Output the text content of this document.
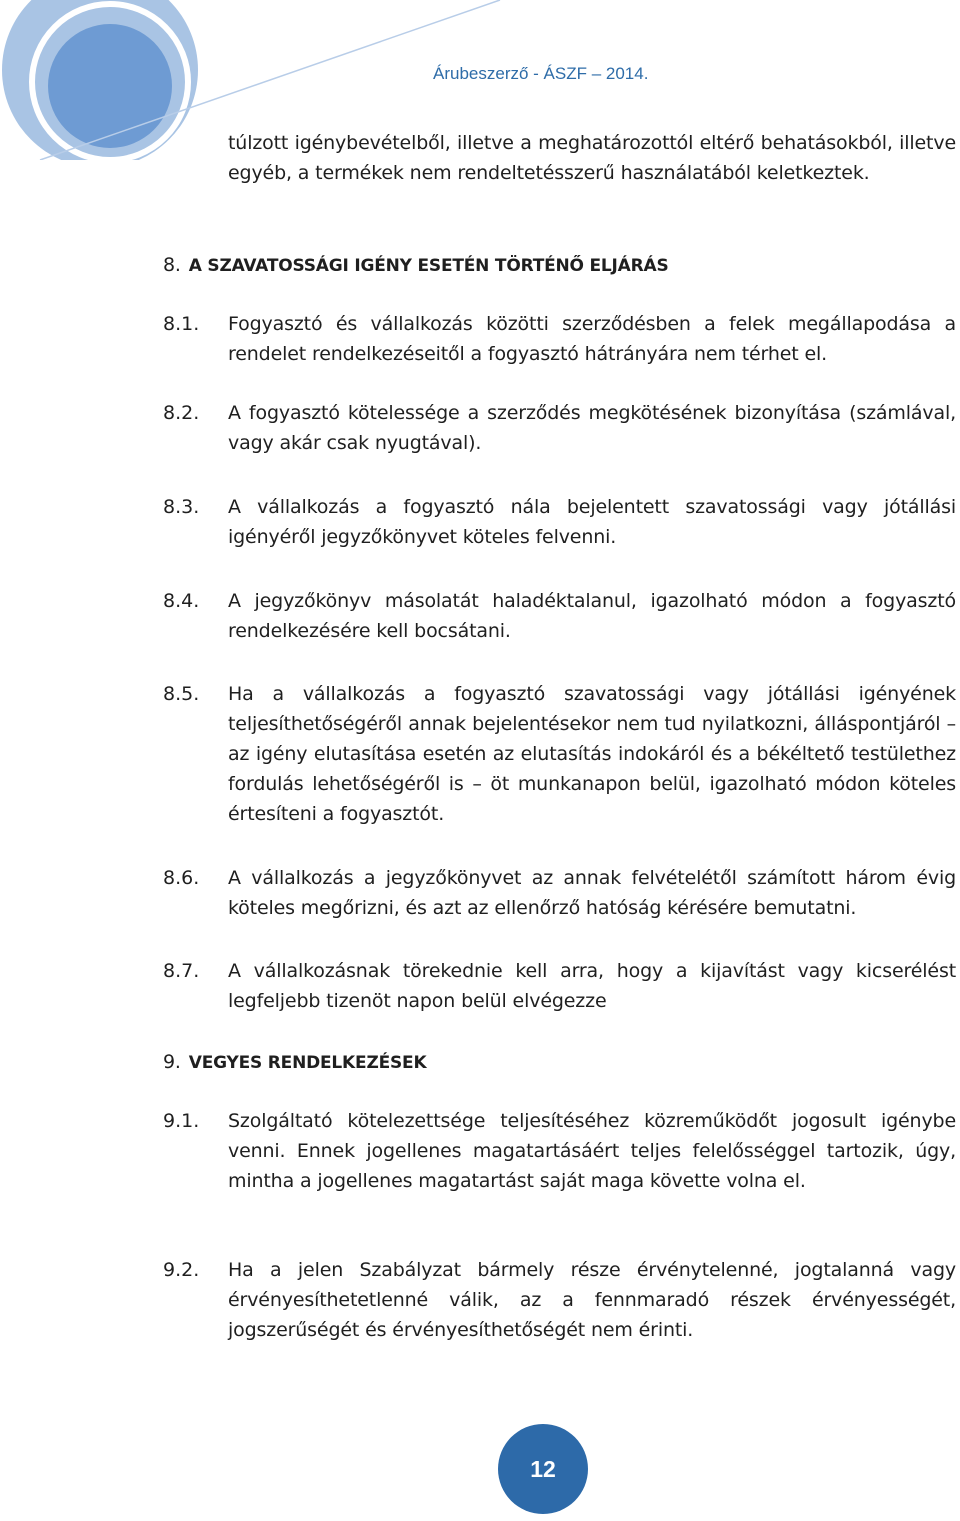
Árubeszerző - ÁSZF – 2014.
túlzott igénybevételből, illetve a meghatározottól eltérő behatásokból, illetve egyéb, a termékek nem rendeltetésszerű használatából keletkeztek.
8. A SZAVATOSSÁGI IGÉNY ESETÉN TÖRTÉNŐ ELJÁRÁS
8.1. Fogyasztó és vállalkozás közötti szerződésben a felek megállapodása a rendelet rendelkezéseitől a fogyasztó hátrányára nem térhet el.
8.2. A fogyasztó kötelessége a szerződés megkötésének bizonyítása (számlával, vagy akár csak nyugtával).
8.3. A vállalkozás a fogyasztó nála bejelentett szavatossági vagy jótállási igényéről jegyzőkönyvet köteles felvenni.
8.4. A jegyzőkönyv másolatát haladéktalanul, igazolható módon a fogyasztó rendelkezésére kell bocsátani.
8.5. Ha a vállalkozás a fogyasztó szavatossági vagy jótállási igényének teljesíthetőségéről annak bejelentésekor nem tud nyilatkozni, álláspontjáról – az igény elutasítása esetén az elutasítás indokáról és a békéltető testülethez fordulás lehetőségéről is – öt munkanapon belül, igazolható módon köteles értesíteni a fogyasztót.
8.6. A vállalkozás a jegyzőkönyvet az annak felvételétől számított három évig köteles megőrizni, és azt az ellenőrző hatóság kérésére bemutatni.
8.7. A vállalkozásnak törekednie kell arra, hogy a kijavítást vagy kicserélést legfeljebb tizenöt napon belül elvégezze
9. VEGYES RENDELKEZÉSEK
9.1. Szolgáltató kötelezettsége teljesítéséhez közreműködőt jogosult igénybe venni. Ennek jogellenes magatartásáért teljes felelősséggel tartozik, úgy, mintha a jogellenes magatartást saját maga követte volna el.
9.2. Ha a jelen Szabályzat bármely része érvénytelenné, jogtalanná vagy érvényesíthetetlenné válik, az a fennmaradó részek érvényességét, jogszerűségét és érvényesíthetőségét nem érinti.
12
